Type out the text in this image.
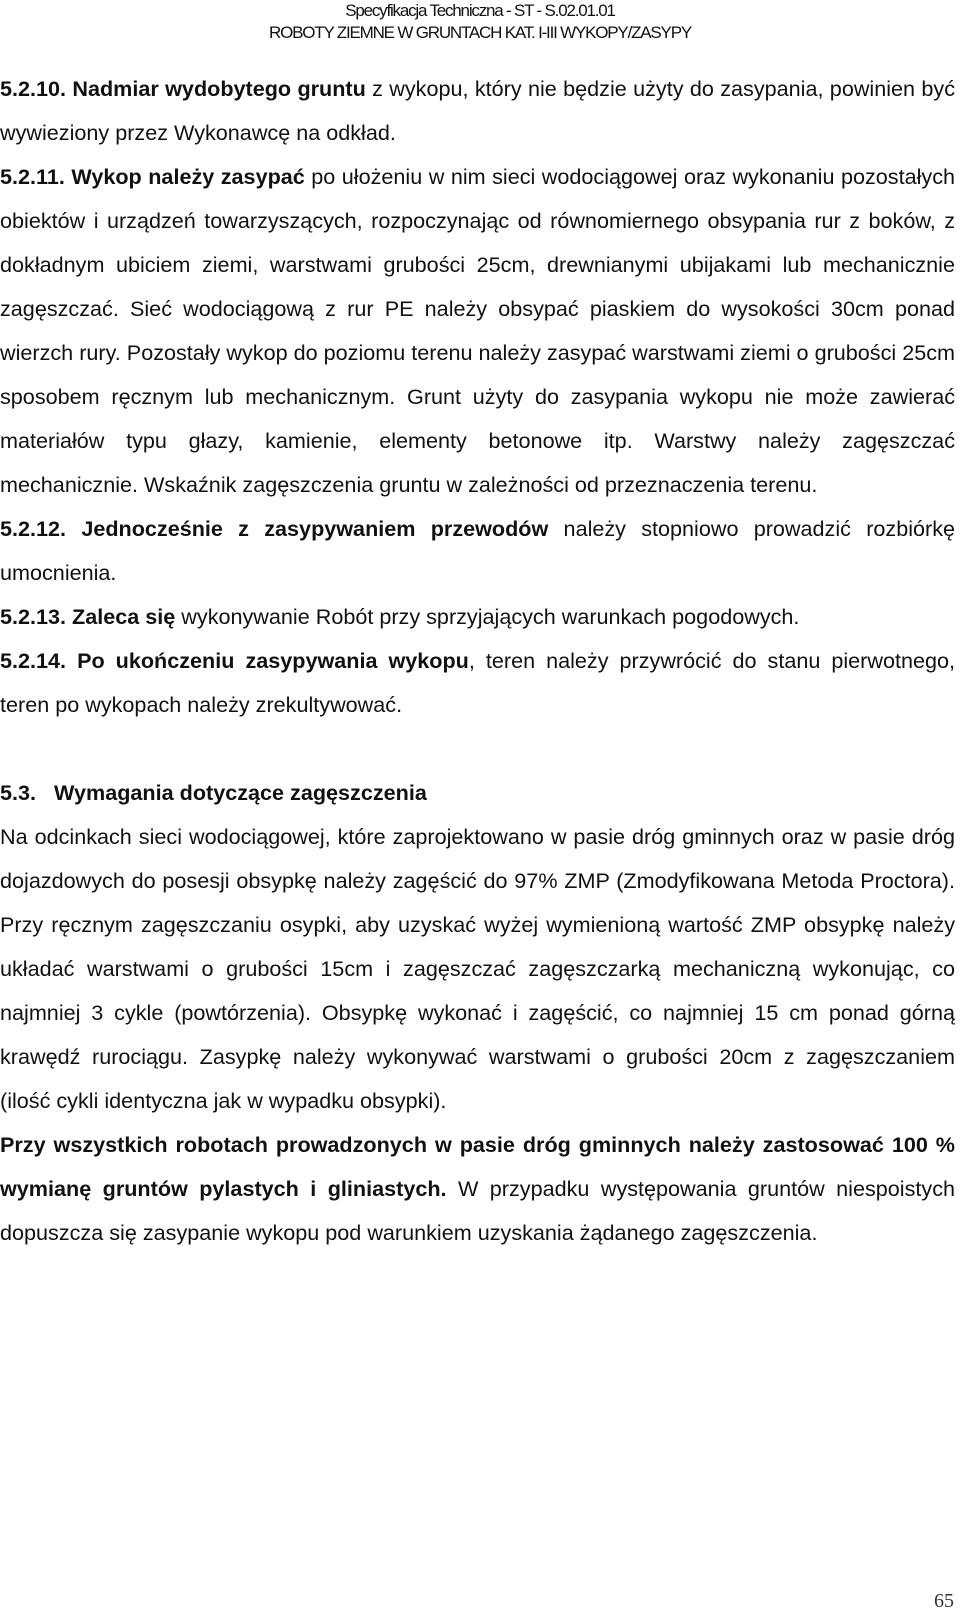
Specyfikacja Techniczna - ST - S.02.01.01
ROBOTY ZIEMNE W GRUNTACH KAT. I-III WYKOPY/ZASYPY

5.2.10. Nadmiar wydobytego gruntu z wykopu, który nie będzie użyty do zasypania, powinien być wywieziony przez Wykonawcę na odkład.

5.2.11. Wykop należy zasypać po ułożeniu w nim sieci wodociągowej oraz wykonaniu pozostałych obiektów i urządzeń towarzyszących, rozpoczynając od równomiernego obsypania rur z boków, z dokładnym ubiciem ziemi, warstwami grubości 25cm, drewnianymi ubijakami lub mechanicznie zagęszczać. Sieć wodociągową z rur PE należy obsypać piaskiem do wysokości 30cm ponad wierzch rury. Pozostały wykop do poziomu terenu należy zasypać warstwami ziemi o grubości 25cm sposobem ręcznym lub mechanicznym. Grunt użyty do zasypania wykopu nie może zawierać materiałów typu głazy, kamienie, elementy betonowe itp. Warstwy należy zagęszczać mechanicznie. Wskaźnik zagęszczenia gruntu w zależności od przeznaczenia terenu.

5.2.12. Jednocześnie z zasypywaniem przewodów należy stopniowo prowadzić rozbiórkę umocnienia.

5.2.13. Zaleca się wykonywanie Robót przy sprzyjających warunkach pogodowych.

5.2.14. Po ukończeniu zasypywania wykopu, teren należy przywrócić do stanu pierwotnego, teren po wykopach należy zrekultywować.

5.3.   Wymagania dotyczące zagęszczenia

Na odcinkach sieci wodociągowej, które zaprojektowano w pasie dróg gminnych oraz w pasie dróg dojazdowych do posesji obsypkę należy zagęścić do 97% ZMP (Zmodyfikowana Metoda Proctora). Przy ręcznym zagęszczaniu osypki, aby uzyskać wyżej wymienioną wartość ZMP obsypkę należy układać warstwami o grubości 15cm i zagęszczać zagęszczarką mechaniczną wykonując, co najmniej 3 cykle (powtórzenia). Obsypkę wykonać i zagęścić, co najmniej 15 cm ponad górną krawędź rurociągu. Zasypkę należy wykonywać warstwami o grubości 20cm z zagęszczaniem (ilość cykli identyczna jak w wypadku obsypki).

Przy wszystkich robotach prowadzonych w pasie dróg gminnych należy zastosować 100 % wymianę gruntów pylastych i gliniastych. W przypadku występowania gruntów niespoistych dopuszcza się zasypanie wykopu pod warunkiem uzyskania żądanego zagęszczenia.

65
